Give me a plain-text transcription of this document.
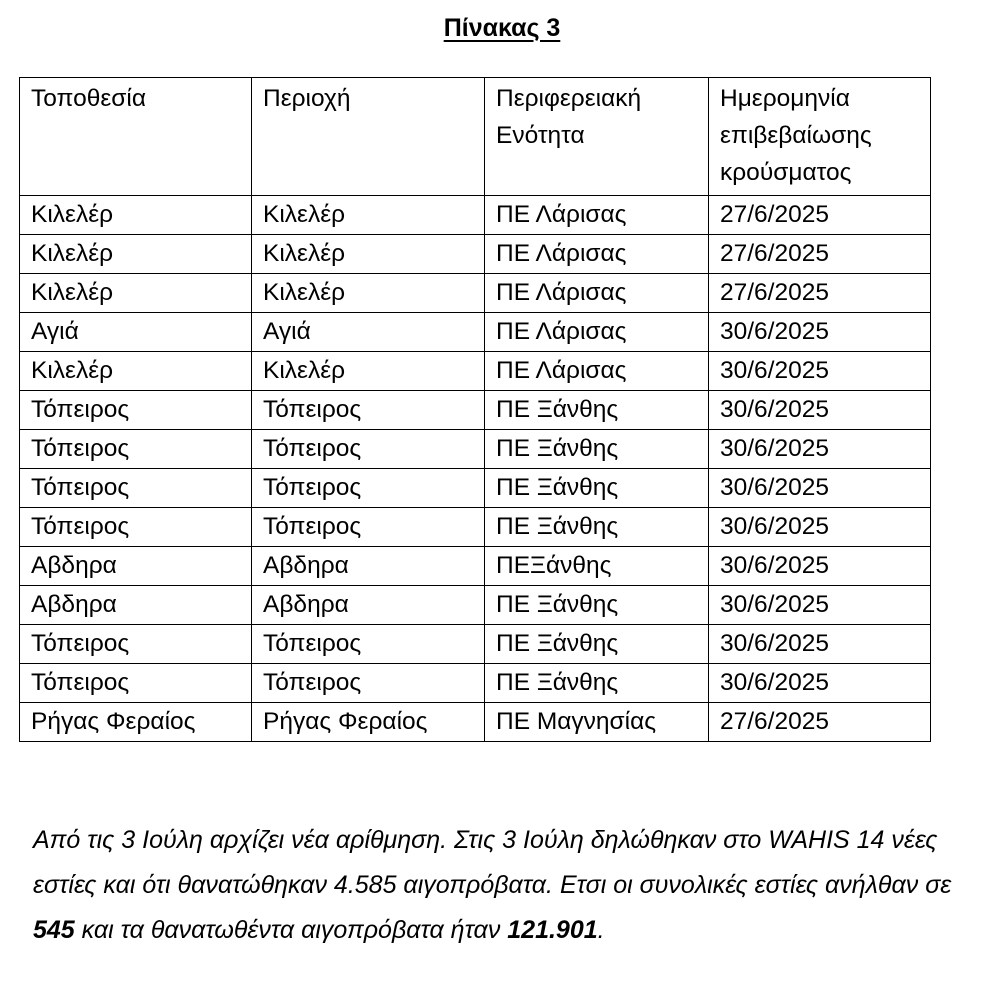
Πίνακας 3
Τοποθεσία	Περιοχή	Περιφερειακή Ενότητα	Ημερομηνία επιβεβαίωσης κρούσματος
Κιλελέρ	Κιλελέρ	ΠΕ Λάρισας	27/6/2025
Κιλελέρ	Κιλελέρ	ΠΕ Λάρισας	27/6/2025
Κιλελέρ	Κιλελέρ	ΠΕ Λάρισας	27/6/2025
Αγιά	Αγιά	ΠΕ Λάρισας	30/6/2025
Κιλελέρ	Κιλελέρ	ΠΕ Λάρισας	30/6/2025
Τόπειρος	Τόπειρος	ΠΕ Ξάνθης	30/6/2025
Τόπειρος	Τόπειρος	ΠΕ Ξάνθης	30/6/2025
Τόπειρος	Τόπειρος	ΠΕ Ξάνθης	30/6/2025
Τόπειρος	Τόπειρος	ΠΕ Ξάνθης	30/6/2025
Αβδηρα	Αβδηρα	ΠΕΞάνθης	30/6/2025
Αβδηρα	Αβδηρα	ΠΕ Ξάνθης	30/6/2025
Τόπειρος	Τόπειρος	ΠΕ Ξάνθης	30/6/2025
Τόπειρος	Τόπειρος	ΠΕ Ξάνθης	30/6/2025
Ρήγας Φεραίος	Ρήγας Φεραίος	ΠΕ Μαγνησίας	27/6/2025
Από τις 3 Ιούλη αρχίζει νέα αρίθμηση. Στις 3 Ιούλη δηλώθηκαν στο WAHIS 14 νέες εστίες και ότι θανατώθηκαν 4.585 αιγοπρόβατα. Ετσι οι συνολικές εστίες ανήλθαν σε 545 και τα θανατωθέντα αιγοπρόβατα ήταν 121.901.
